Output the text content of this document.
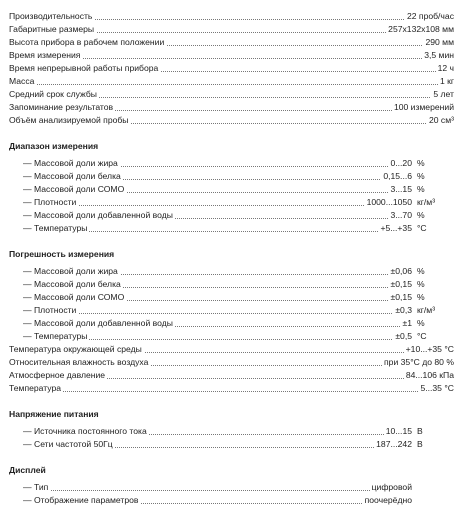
Производительность	22 проб/час
Габаритные размеры	257х132х108 мм
Высота прибора в рабочем положении	290 мм
Время измерения	3,5 мин
Время непрерывной работы прибора	12 ч
Масса	1 кг
Средний срок службы	5 лет
Запоминание результатов	100 измерений
Объём анализируемой пробы	20 см³
Диапазон измерения
— Массовой доли жира	0...20 %
— Массовой доли белка	0,15...6 %
— Массовой доли СОМО	3...15 %
— Плотности	1000...1050 кг/м³
— Массовой доли добавленной воды	3...70 %
— Температуры	+5...+35 °C
Погрешность измерения
— Массовой доли жира	±0,06 %
— Массовой доли белка	±0,15 %
— Массовой доли СОМО	±0,15 %
— Плотности	±0,3 кг/м³
— Массовой доли добавленной воды	±1 %
— Температуры	±0,5 °C
Температура окружающей среды	+10...+35 °C
Относительная влажность воздуха	при 35°C до 80 %
Атмосферное давление	84...106 кПа
Температура	5...35 °C
Напряжение питания
— Источника постоянного тока	10...15 В
— Сети частотой 50Гц	187...242 В
Дисплей
— Тип	цифровой
— Отображение параметров	поочерёдно
